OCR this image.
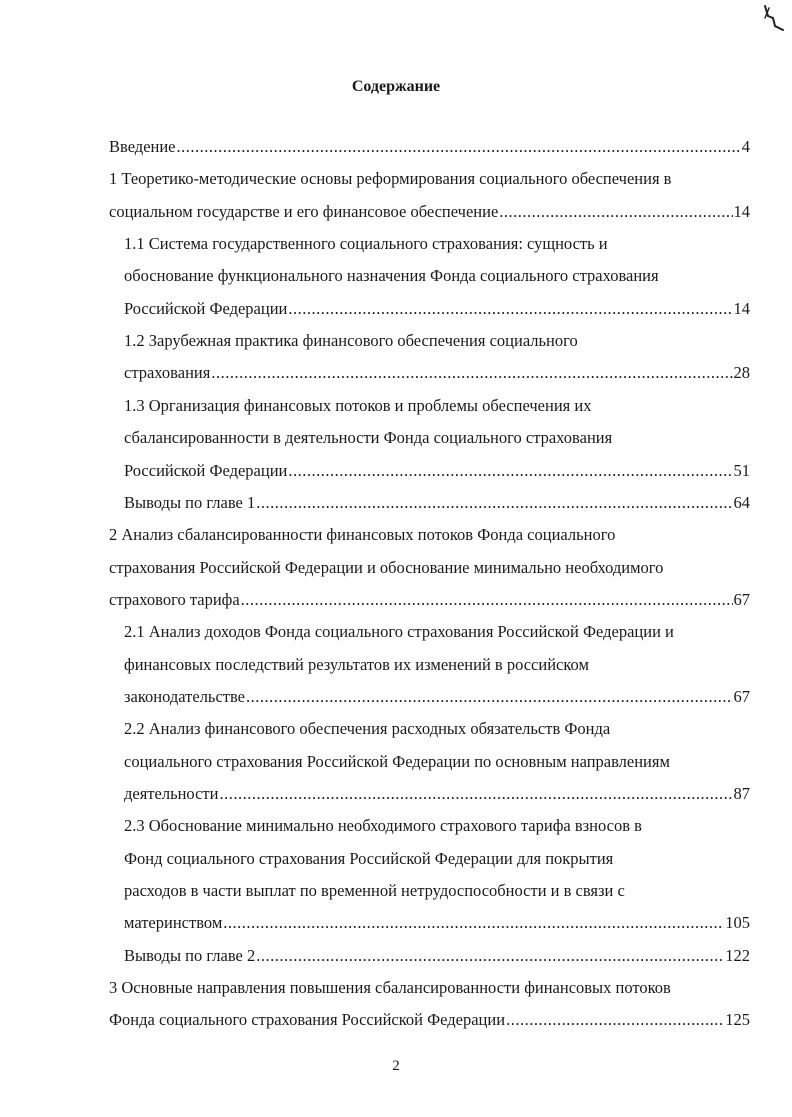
Содержание
Введение .....	4
1 Теоретико-методические основы реформирования социального обеспечения в
социальном государстве и его финансовое обеспечение .....	14
1.1 Система государственного социального страхования: сущность и
обоснование функционального назначения Фонда социального страхования
Российской Федерации .....	14
1.2 Зарубежная практика финансового обеспечения социального
страхования .....	28
1.3 Организация финансовых потоков и проблемы обеспечения их
сбалансированности в деятельности Фонда социального страхования
Российской Федерации .....	51
Выводы по главе 1 .....	64
2 Анализ сбалансированности финансовых потоков Фонда социального
страхования Российской Федерации и обоснование минимально необходимого
страхового тарифа .....	67
2.1 Анализ доходов Фонда социального страхования Российской Федерации и
финансовых последствий результатов их изменений в российском
законодательстве .....	67
2.2 Анализ финансового обеспечения расходных обязательств Фонда
социального страхования Российской Федерации по основным направлениям
деятельности .....	87
2.3 Обоснование минимально необходимого страхового тарифа взносов в
Фонд социального страхования Российской Федерации для покрытия
расходов в части выплат по временной нетрудоспособности и в связи с
материнством .....	105
Выводы по главе 2 .....	122
3 Основные направления повышения сбалансированности финансовых потоков
Фонда социального страхования Российской Федерации .....	125
2
